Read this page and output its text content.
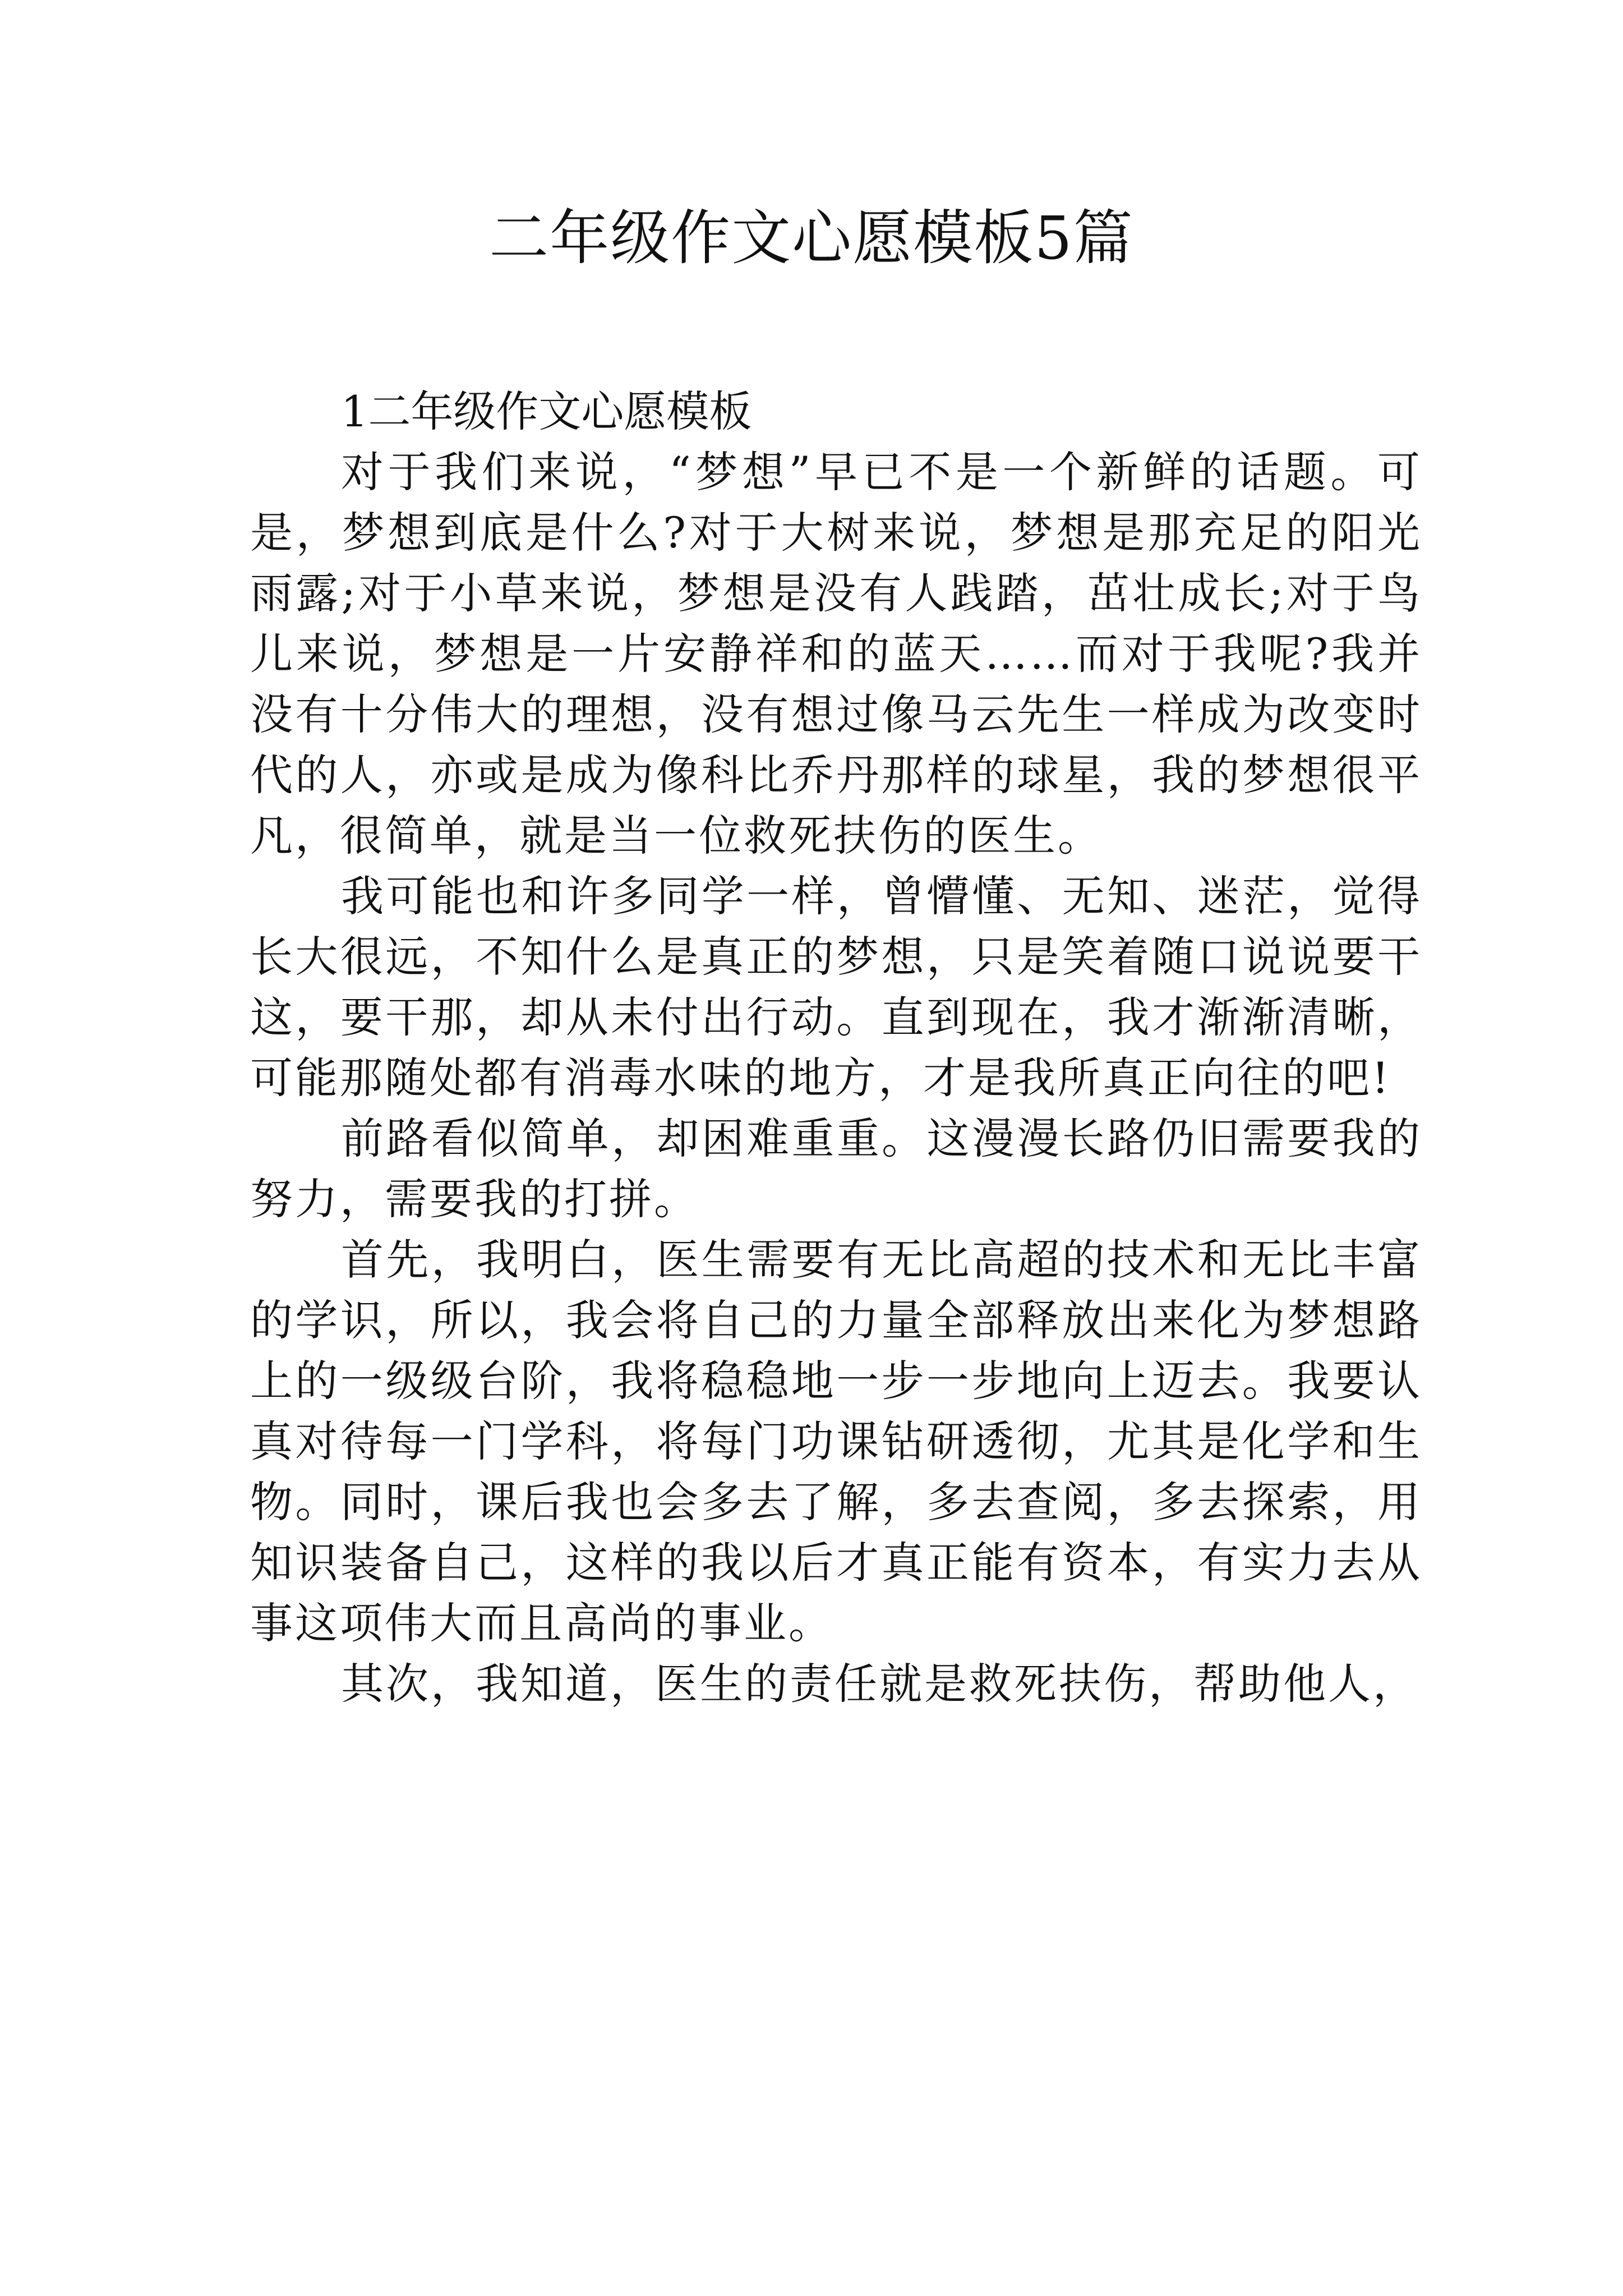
二年级作文心愿模板5篇
1二年级作文心愿模板

对于我们来说，“梦想”早已不是一个新鲜的话题。可是，梦想到底是什么?对于大树来说，梦想是那充足的阳光雨露;对于小草来说，梦想是没有人践踏，茁壮成长;对于鸟儿来说，梦想是一片安静祥和的蓝天……而对于我呢?我并没有十分伟大的理想，没有想过像马云先生一样成为改变时代的人，亦或是成为像科比乔丹那样的球星，我的梦想很平凡，很简单，就是当一位救死扶伤的医生。

我可能也和许多同学一样，曾懵懂、无知、迷茫，觉得长大很远，不知什么是真正的梦想，只是笑着随口说说要干这，要干那，却从未付出行动。直到现在，我才渐渐清晰，可能那随处都有消毒水味的地方，才是我所真正向往的吧!

前路看似简单，却困难重重。这漫漫长路仍旧需要我的努力，需要我的打拼。

首先，我明白，医生需要有无比高超的技术和无比丰富的学识，所以，我会将自己的力量全部释放出来化为梦想路上的一级级台阶，我将稳稳地一步一步地向上迈去。我要认真对待每一门学科，将每门功课钻研透彻，尤其是化学和生物。同时，课后我也会多去了解，多去查阅，多去探索，用知识装备自己，这样的我以后才真正能有资本，有实力去从事这项伟大而且高尚的事业。

其次，我知道，医生的责任就是救死扶伤，帮助他人，
